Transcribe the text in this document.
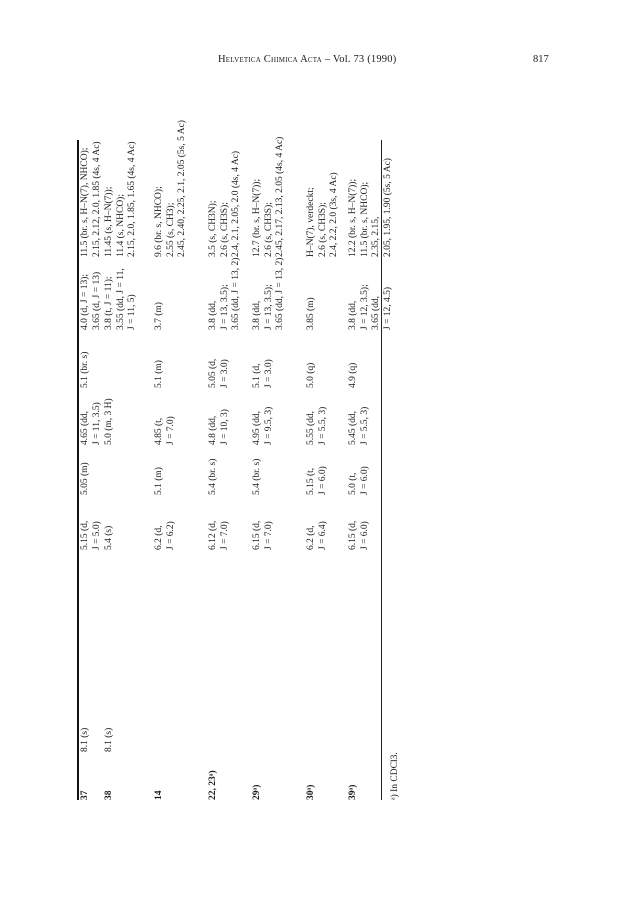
Helvetica Chimica Acta – Vol. 73 (1990)	817
ᵃ) In CDCl3.
37
8.1 (s)
5.15 (d, J = 5.0)
5.05 (m)
4.65 (dd, J = 11, 3.5)
5.1 (br. s)
4.0 (d, J = 13); 3.65 (d, J = 13)
11.5 (br. s, H–N(7), NHCO); 2.15, 2.12, 2.0, 1.85 (4s, 4 Ac)
38
8.1 (s)
5.4 (s)
5.0 (m, 3 H)
3.8 (t, J = 11); 3.55 (dd, J = 11, J = 11, 5)
11.45 (s, H–N(7)); 11.4 (s, NHCO); 2.15, 2.0, 1.85, 1.65 (4s, 4 Ac)
14
6.2 (d, J = 6.2)
5.1 (m)
4.85 (t, J = 7.0)
5.1 (m)
3.7 (m)
9.6 (br. s, NHCO); 2.55 (s, CH3); 2.45, 2.40, 2.25, 2.1, 2.05 (5s, 5 Ac)
22, 23ᵃ)
6.12 (d, J = 7.0)
5.4 (br. s)
4.8 (dd, J = 10, 3)
5.05 (d, J = 3.0)
3.8 (dd, J = 13, 3.5); 3.65 (dd, J = 13, 2)
3.5 (s, CH3N); 2.6 (s, CH3S); 2.4, 2.1, 2.05, 2.0 (4s, 4 Ac)
29ᵃ)
6.15 (d, J = 7.0)
5.4 (br. s)
4.95 (dd, J = 9.5, 3)
5.1 (d, J = 3.0)
3.8 (dd, J = 13, 3.5); 3.65 (dd, J = 13, 2)
12.7 (br. s, H–N(7)); 2.6 (s, CH3S); 2.45, 2.17, 2.13, 2.05 (4s, 4 Ac)
30ᵃ)
6.2 (d, J = 6.4)
5.15 (t, J = 6.0)
5.55 (dd, J = 5.5, 3)
5.0 (q)
3.85 (m)
H–N(7), verdeckt; 2.6 (s, CH3S); 2.4, 2.2, 2.0 (3s, 4 Ac)
39ᵃ)
6.15 (d, J = 6.0)
5.0 (t, J = 6.0)
5.45 (dd, J = 5.5, 3)
4.9 (q)
3.8 (dd, J = 12, 3.5); 3.65 (dd, J = 12, 4.5)
12.2 (br. s, H–N(7)); 11.5 (br. s, NHCO); 2.35, 2.15, 2.05, 1.95, 1.90 (5s, 5 Ac)
